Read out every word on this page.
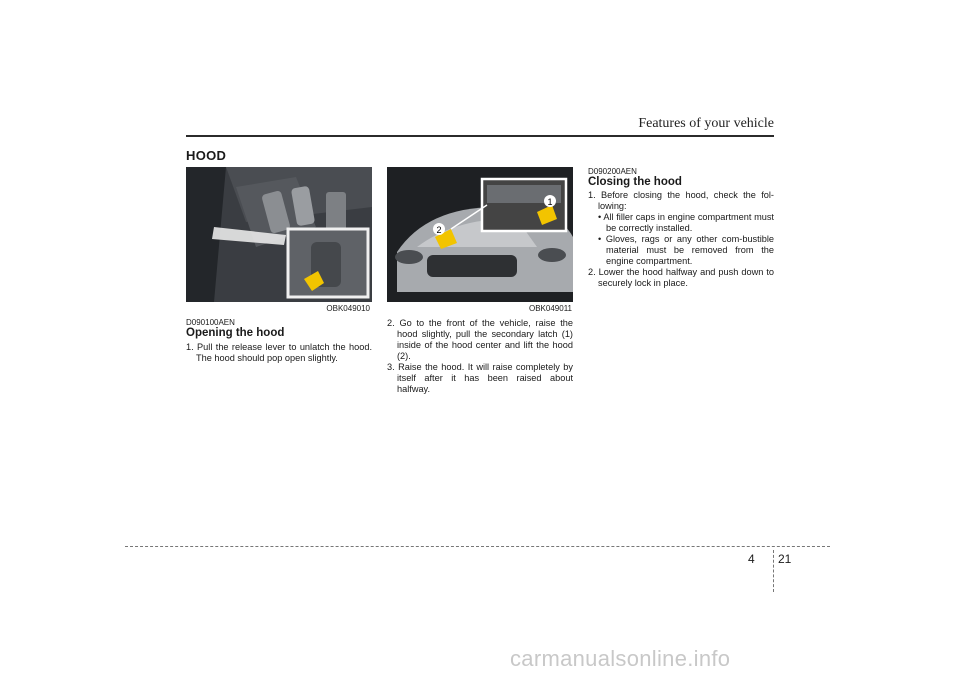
Features of your vehicle
HOOD
OBK049010
1
2
OBK049011
D090100AEN
Opening the hood

1. Pull the release lever to unlatch the hood. The hood should pop open slightly.

2. Go to the front of the vehicle, raise the hood slightly, pull the secondary latch (1) inside of the hood center and lift the hood (2).

3. Raise the hood. It will raise completely by itself after it has been raised about halfway.

D090200AEN
Closing the hood

1. Before closing the hood, check the fol-lowing:

• All filler caps in engine compartment must be correctly installed.

• Gloves, rags or any other com-bustible material must be removed from the engine compartment.

2. Lower the hood halfway and push down to securely lock in place.

4 21
carmanualsonline.info
